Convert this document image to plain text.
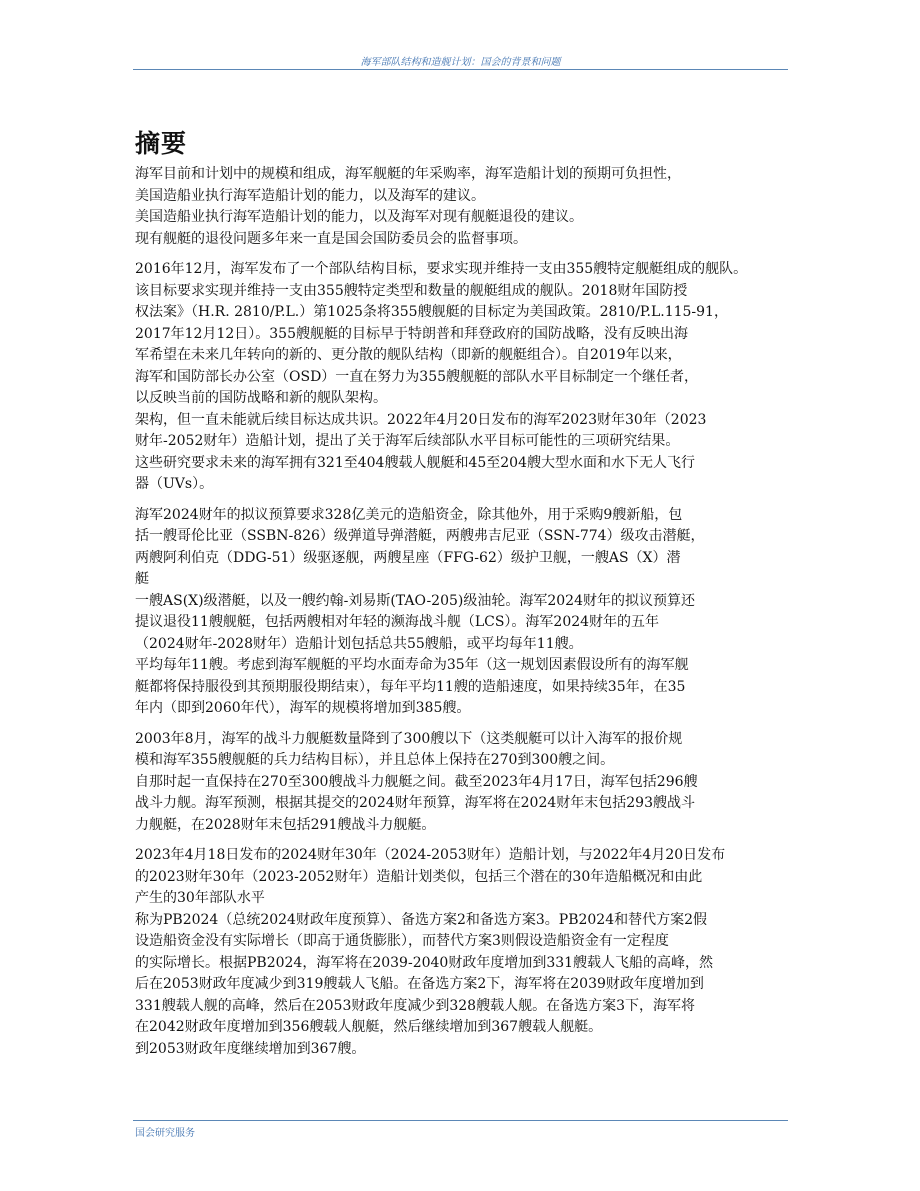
海军部队结构和造舰计划：国会的背景和问题
摘要
海军目前和计划中的规模和组成，海军舰艇的年采购率，海军造船计划的预期可负担性，
美国造船业执行海军造船计划的能力，以及海军的建议。
美国造船业执行海军造船计划的能力，以及海军对现有舰艇退役的建议。
现有舰艇的退役问题多年来一直是国会国防委员会的监督事项。
2016年12月，海军发布了一个部队结构目标，要求实现并维持一支由355艘特定舰艇组成的舰队。
该目标要求实现并维持一支由355艘特定类型和数量的舰艇组成的舰队。2018财年国防授
权法案》（H.R. 2810/P.L.）第1025条将355艘舰艇的目标定为美国政策。2810/P.L.115-91，
2017年12月12日）。355艘舰艇的目标早于特朗普和拜登政府的国防战略，没有反映出海
军希望在未来几年转向的新的、更分散的舰队结构（即新的舰艇组合）。自2019年以来，
海军和国防部长办公室（OSD）一直在努力为355艘舰艇的部队水平目标制定一个继任者，
以反映当前的国防战略和新的舰队架构。
架构，但一直未能就后续目标达成共识。2022年4月20日发布的海军2023财年30年（2023
财年-2052财年）造船计划，提出了关于海军后续部队水平目标可能性的三项研究结果。
这些研究要求未来的海军拥有321至404艘载人舰艇和45至204艘大型水面和水下无人飞行
器（UVs）。
海军2024财年的拟议预算要求328亿美元的造船资金，除其他外，用于采购9艘新船，包
括一艘哥伦比亚（SSBN-826）级弹道导弹潜艇，两艘弗吉尼亚（SSN-774）级攻击潜艇，
两艘阿利伯克（DDG-51）级驱逐舰，两艘星座（FFG-62）级护卫舰，一艘AS（X）潜
艇
一艘AS(X)级潜艇，以及一艘约翰-刘易斯(TAO-205)级油轮。海军2024财年的拟议预算还
提议退役11艘舰艇，包括两艘相对年轻的濒海战斗舰（LCS）。海军2024财年的五年
（2024财年-2028财年）造船计划包括总共55艘船，或平均每年11艘。
平均每年11艘。考虑到海军舰艇的平均水面寿命为35年（这一规划因素假设所有的海军舰
艇都将保持服役到其预期服役期结束），每年平均11艘的造船速度，如果持续35年，在35
年内（即到2060年代），海军的规模将增加到385艘。
2003年8月，海军的战斗力舰艇数量降到了300艘以下（这类舰艇可以计入海军的报价规
模和海军355艘舰艇的兵力结构目标），并且总体上保持在270到300艘之间。
自那时起一直保持在270至300艘战斗力舰艇之间。截至2023年4月17日，海军包括296艘
战斗力舰。海军预测，根据其提交的2024财年预算，海军将在2024财年末包括293艘战斗
力舰艇，在2028财年末包括291艘战斗力舰艇。
2023年4月18日发布的2024财年30年（2024-2053财年）造船计划，与2022年4月20日发布
的2023财年30年（2023-2052财年）造船计划类似，包括三个潜在的30年造船概况和由此
产生的30年部队水平
称为PB2024（总统2024财政年度预算）、备选方案2和备选方案3。PB2024和替代方案2假
设造船资金没有实际增长（即高于通货膨胀），而替代方案3则假设造船资金有一定程度
的实际增长。根据PB2024，海军将在2039-2040财政年度增加到331艘载人飞船的高峰，然
后在2053财政年度减少到319艘载人飞船。在备选方案2下，海军将在2039财政年度增加到
331艘载人舰的高峰，然后在2053财政年度减少到328艘载人舰。在备选方案3下，海军将
在2042财政年度增加到356艘载人舰艇，然后继续增加到367艘载人舰艇。
到2053财政年度继续增加到367艘。
国会研究服务
